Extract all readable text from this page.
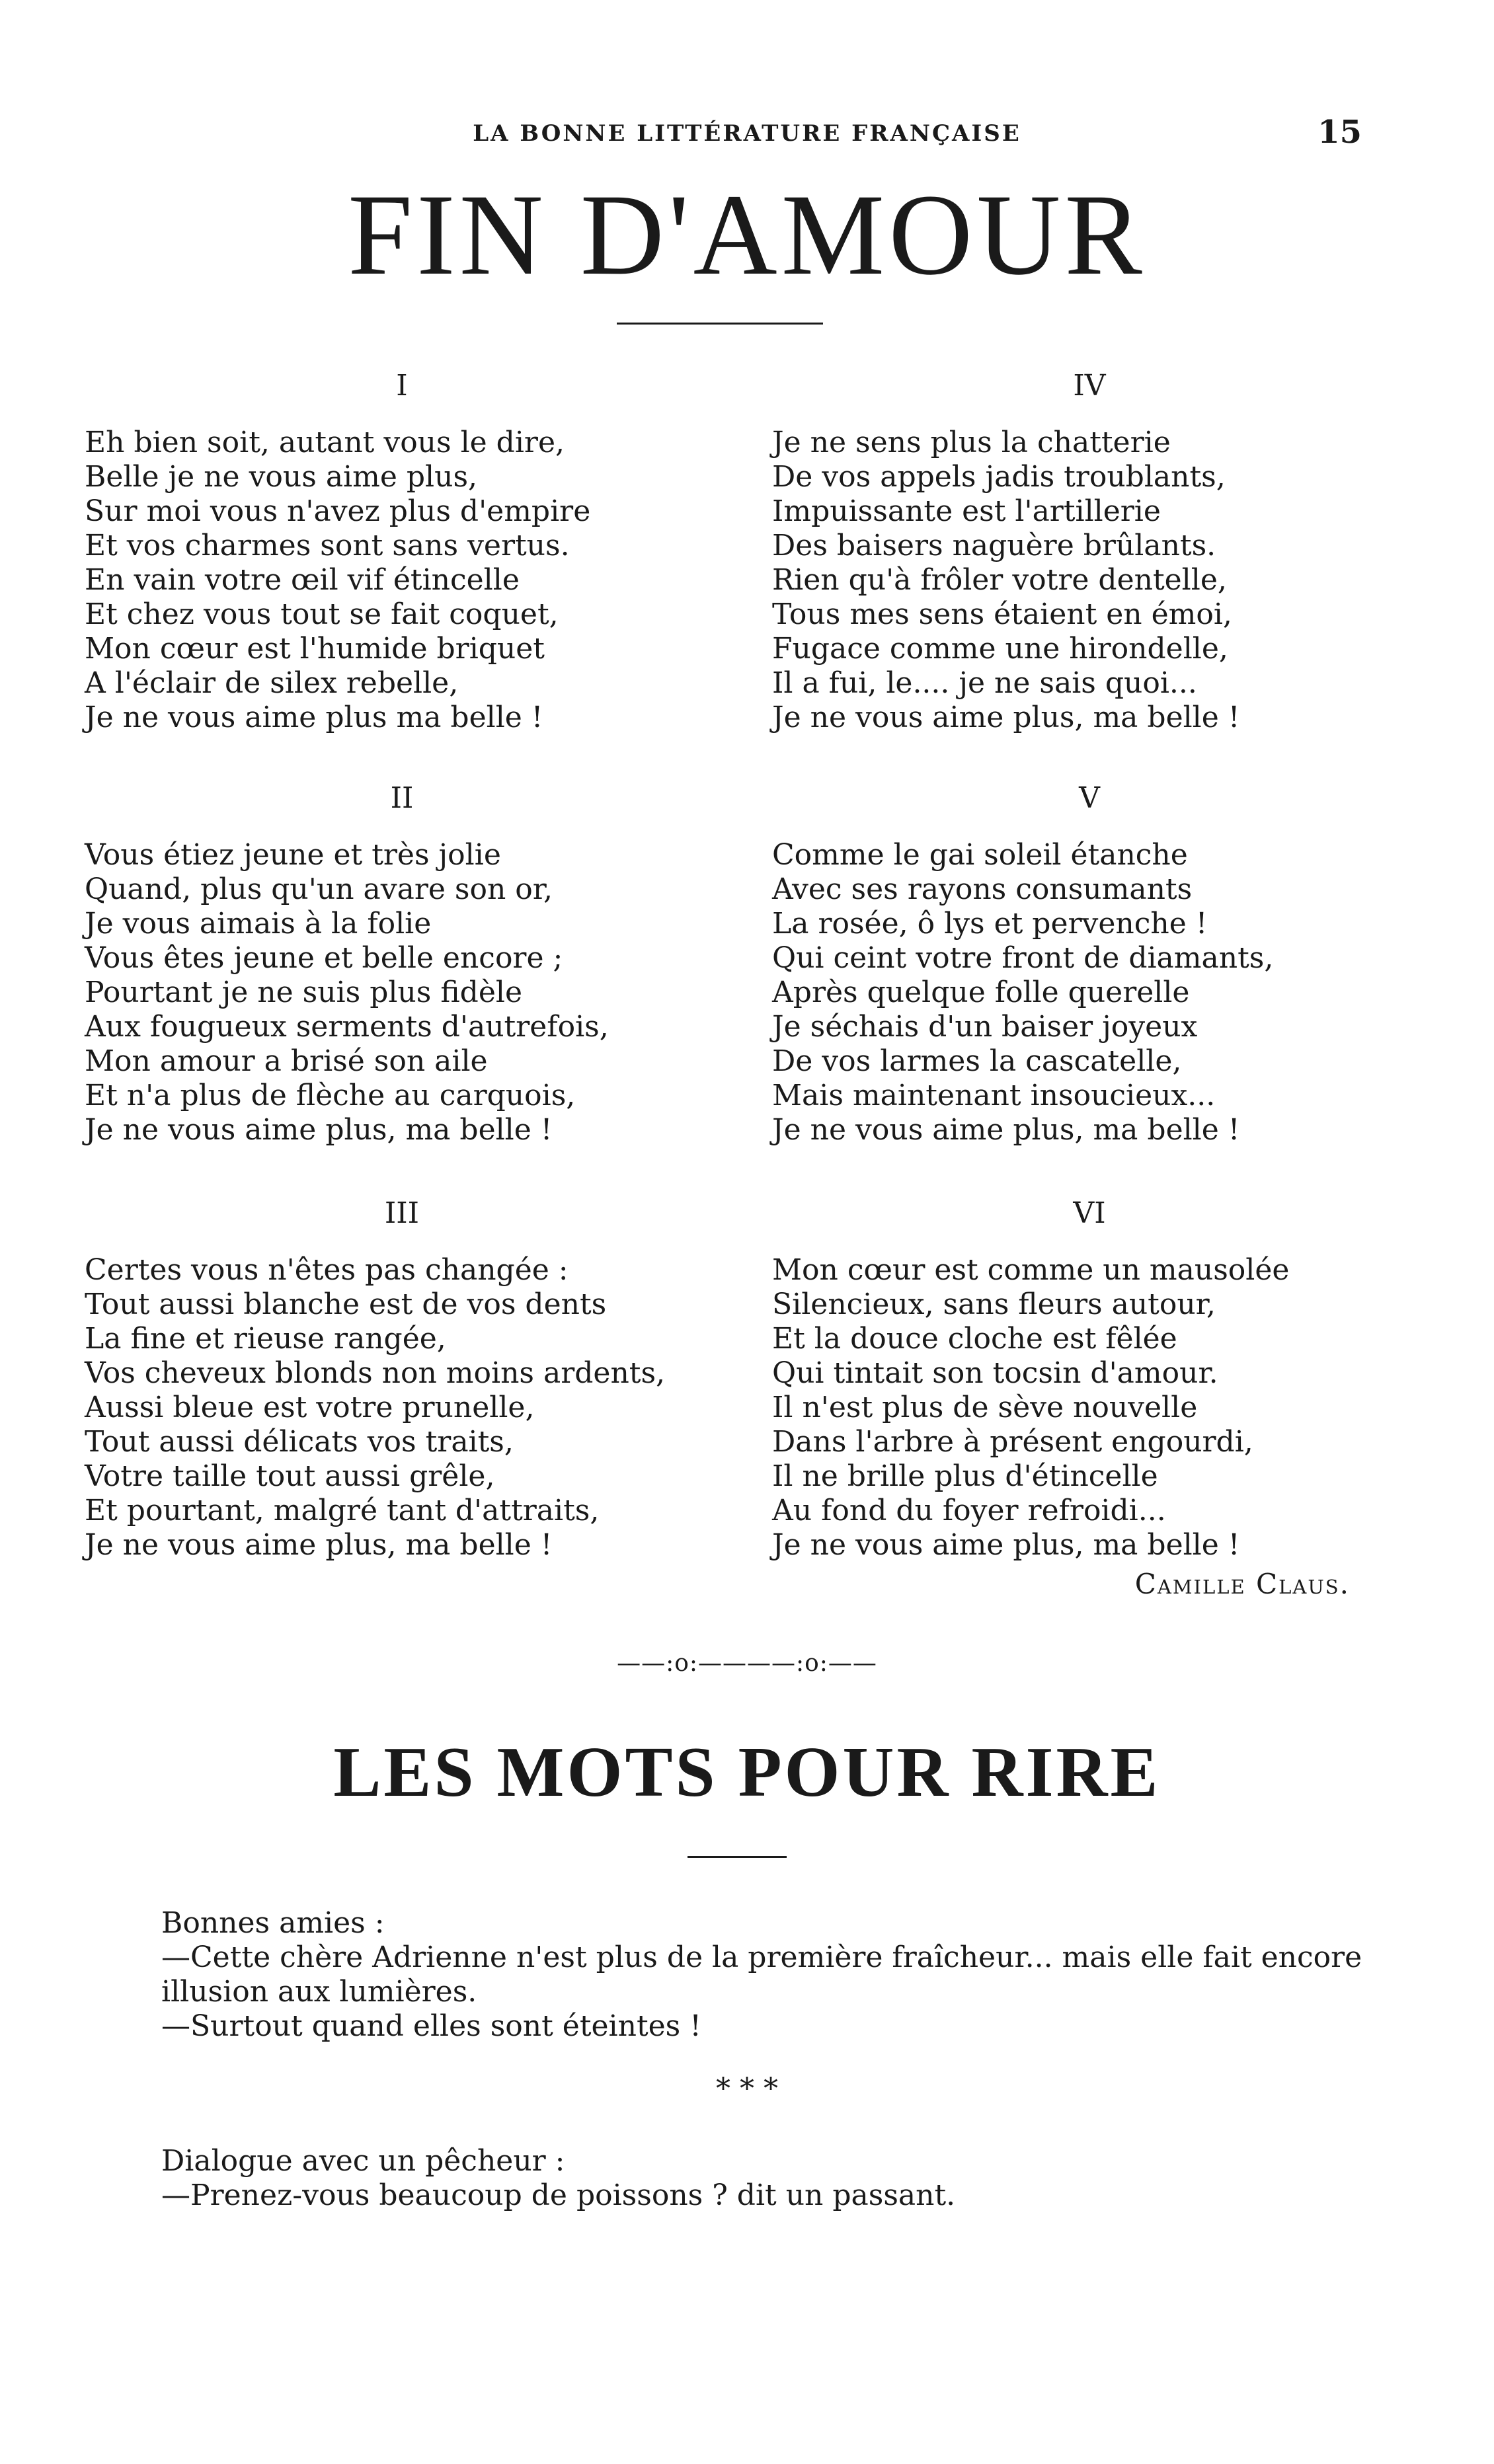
LA BONNE LITTÉRATURE FRANÇAISE	15
FIN D'AMOUR
I
Eh bien soit, autant vous le dire,
Belle je ne vous aime plus,
Sur moi vous n'avez plus d'empire
Et vos charmes sont sans vertus.
En vain votre œil vif étincelle
Et chez vous tout se fait coquet,
Mon cœur est l'humide briquet
A l'éclair de silex rebelle,
Je ne vous aime plus ma belle !
II
Vous étiez jeune et très jolie
Quand, plus qu'un avare son or,
Je vous aimais à la folie
Vous êtes jeune et belle encore ;
Pourtant je ne suis plus fidèle
Aux fougueux serments d'autrefois,
Mon amour a brisé son aile
Et n'a plus de flèche au carquois,
Je ne vous aime plus, ma belle !
III
Certes vous n'êtes pas changée :
Tout aussi blanche est de vos dents
La fine et rieuse rangée,
Vos cheveux blonds non moins ardents,
Aussi bleue est votre prunelle,
Tout aussi délicats vos traits,
Votre taille tout aussi grêle,
Et pourtant, malgré tant d'attraits,
Je ne vous aime plus, ma belle !
IV
Je ne sens plus la chatterie
De vos appels jadis troublants,
Impuissante est l'artillerie
Des baisers naguère brûlants.
Rien qu'à frôler votre dentelle,
Tous mes sens étaient en émoi,
Fugace comme une hirondelle,
Il a fui, le.... je ne sais quoi...
Je ne vous aime plus, ma belle !
V
Comme le gai soleil étanche
Avec ses rayons consumants
La rosée, ô lys et pervenche !
Qui ceint votre front de diamants,
Après quelque folle querelle
Je séchais d'un baiser joyeux
De vos larmes la cascatelle,
Mais maintenant insoucieux...
Je ne vous aime plus, ma belle !
VI
Mon cœur est comme un mausolée
Silencieux, sans fleurs autour,
Et la douce cloche est fêlée
Qui tintait son tocsin d'amour.
Il n'est plus de sève nouvelle
Dans l'arbre à présent engourdi,
Il ne brille plus d'étincelle
Au fond du foyer refroidi...
Je ne vous aime plus, ma belle !
Camille Claus.
——:o:————:o:——
LES MOTS POUR RIRE
Bonnes amies :
—Cette chère Adrienne n'est plus de la première fraîcheur... mais elle fait encore illusion aux lumières.
—Surtout quand elles sont éteintes !
* * *
Dialogue avec un pêcheur :
—Prenez-vous beaucoup de poissons ? dit un passant.
